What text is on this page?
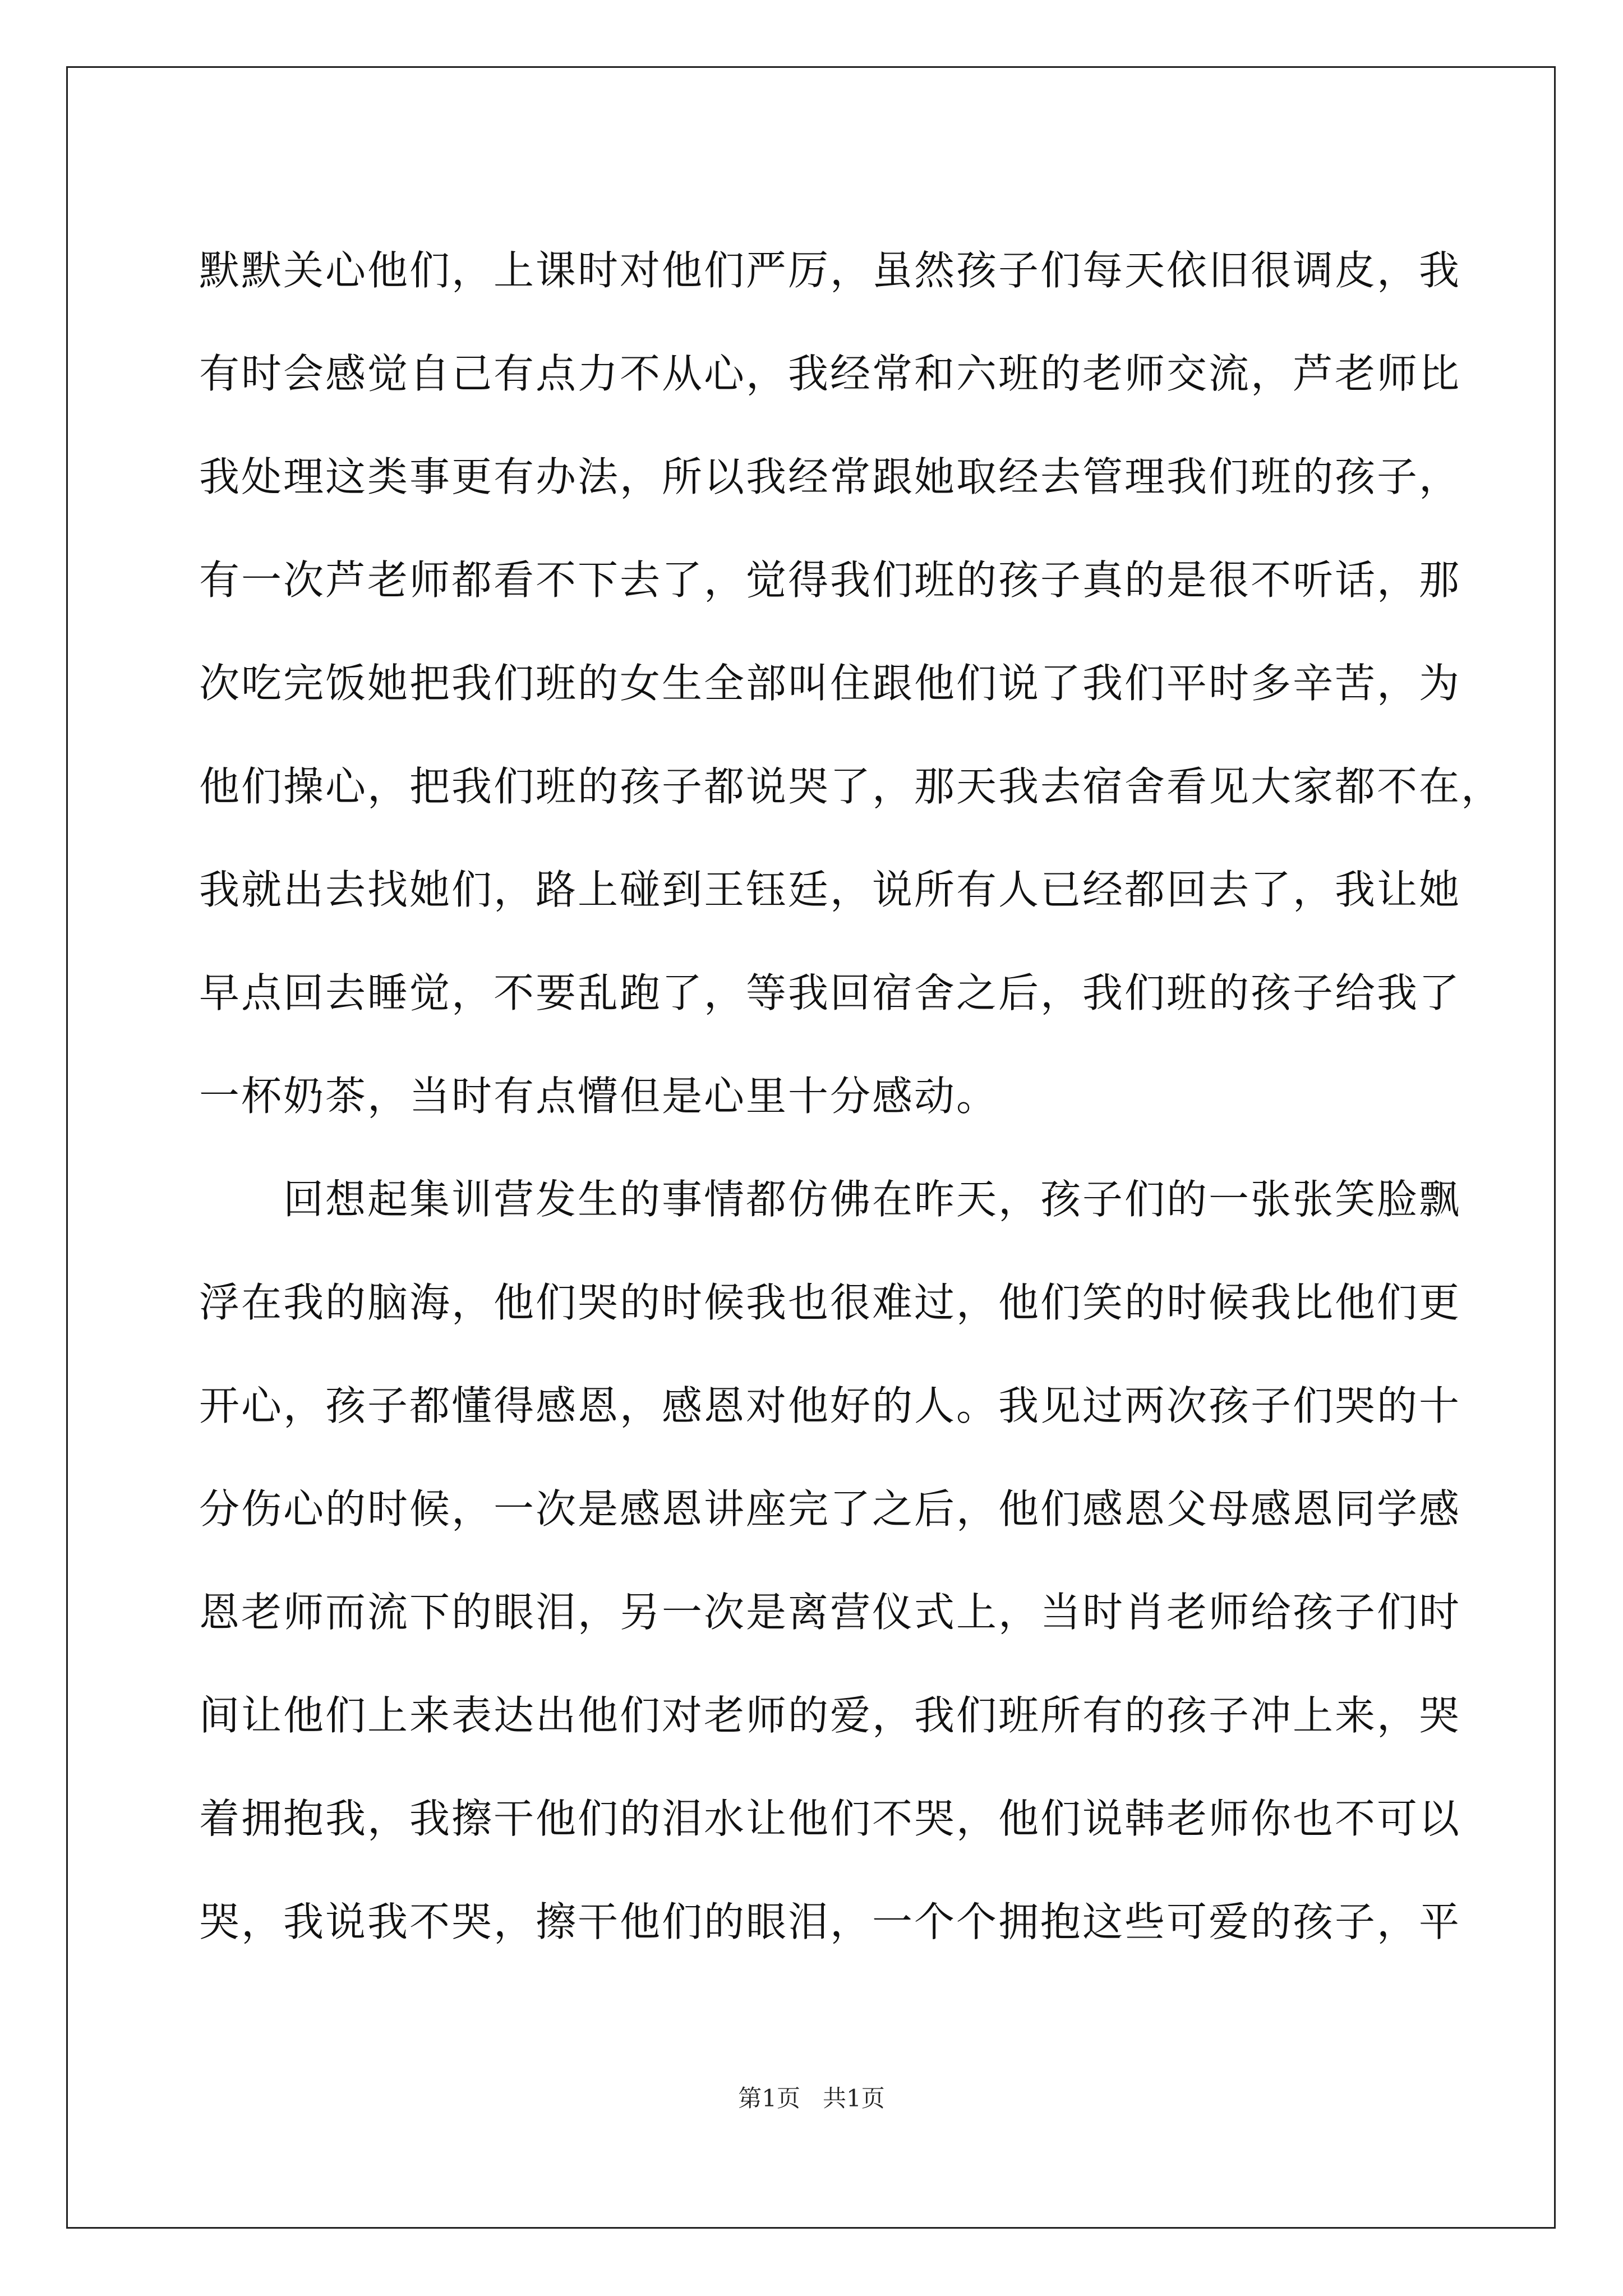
默默关心他们，上课时对他们严厉，虽然孩子们每天依旧很调皮，我

有时会感觉自己有点力不从心，我经常和六班的老师交流，芦老师比

我处理这类事更有办法，所以我经常跟她取经去管理我们班的孩子，

有一次芦老师都看不下去了，觉得我们班的孩子真的是很不听话，那

次吃完饭她把我们班的女生全部叫住跟他们说了我们平时多辛苦，为

他们操心，把我们班的孩子都说哭了，那天我去宿舍看见大家都不在，

我就出去找她们，路上碰到王钰廷，说所有人已经都回去了，我让她

早点回去睡觉，不要乱跑了，等我回宿舍之后，我们班的孩子给我了

一杯奶茶，当时有点懵但是心里十分感动。

回想起集训营发生的事情都仿佛在昨天，孩子们的一张张笑脸飘

浮在我的脑海，他们哭的时候我也很难过，他们笑的时候我比他们更

开心，孩子都懂得感恩，感恩对他好的人。我见过两次孩子们哭的十

分伤心的时候，一次是感恩讲座完了之后，他们感恩父母感恩同学感

恩老师而流下的眼泪，另一次是离营仪式上，当时肖老师给孩子们时

间让他们上来表达出他们对老师的爱，我们班所有的孩子冲上来，哭

着拥抱我，我擦干他们的泪水让他们不哭，他们说韩老师你也不可以

哭，我说我不哭，擦干他们的眼泪，一个个拥抱这些可爱的孩子，平

第1页   共1页
